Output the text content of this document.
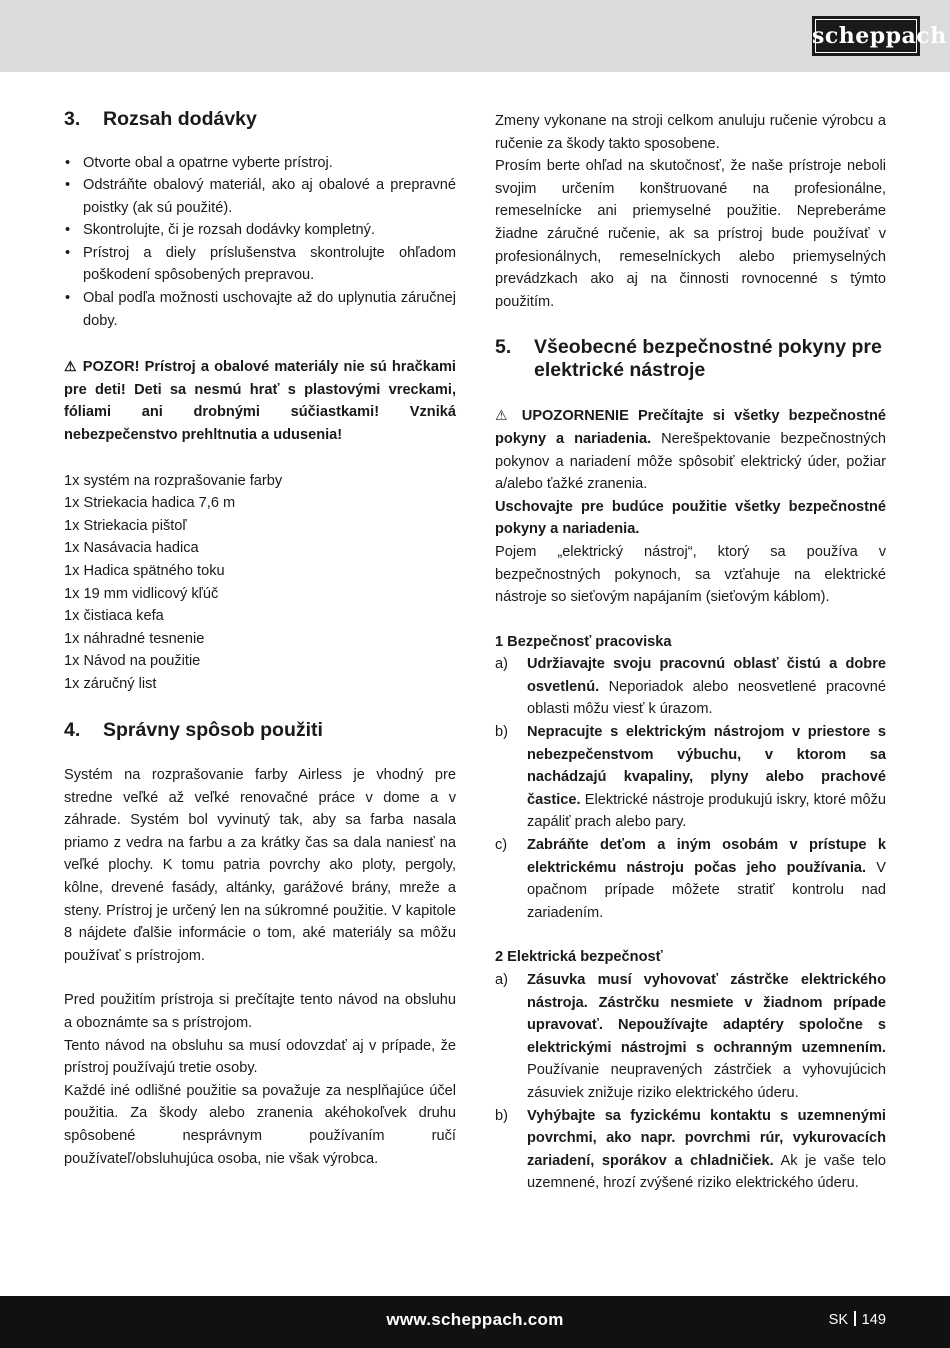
scheppach
3.	Rozsah dodávky
• Otvorte obal a opatrne vyberte prístroj.
• Odstráňte obalový materiál, ako aj obalové a prepravné poistky (ak sú použité).
• Skontrolujte, či je rozsah dodávky kompletný.
• Prístroj a diely príslušenstva skontrolujte ohľadom poškodení spôsobených prepravou.
• Obal podľa možnosti uschovajte až do uplynutia záručnej doby.

⚠ POZOR! Prístroj a obalové materiály nie sú hračkami pre deti! Deti sa nesmú hrať s plastovými vreckami, fóliami ani drobnými súčiastkami! Vzniká nebezpečenstvo prehltnutia a udusenia!

1x systém na rozprašovanie farby

1x Striekacia hadica 7,6 m

1x Striekacia pištoľ

1x Nasávacia hadica

1x Hadica spätného toku

1x 19 mm vidlicový kľúč

1x čistiaca kefa

1x náhradné tesnenie

1x Návod na použitie

1x záručný list

4.	Správny spôsob použiti

Systém na rozprašovanie farby Airless je vhodný pre stredne veľké až veľké renovačné práce v dome a v záhrade. Systém bol vyvinutý tak, aby sa farba nasala priamo z vedra na farbu a za krátky čas sa dala naniesť na veľké plochy. K tomu patria povrchy ako ploty, pergoly, kôlne, drevené fasády, altánky, garážové brány, mreže a steny. Prístroj je určený len na súkromné použitie. V kapitole 8 nájdete ďalšie informácie o tom, aké materiály sa môžu používať s prístrojom.

Pred použitím prístroja si prečítajte tento návod na obsluhu a oboznámte sa s prístrojom.

Tento návod na obsluhu sa musí odovzdať aj v prípade, že prístroj používajú tretie osoby.

Každé iné odlišné použitie sa považuje za nesplňajúce účel použitia. Za škody alebo zranenia akéhokoľvek druhu spôsobené nesprávnym používaním ručí používateľ/obsluhujúca osoba, nie však výrobca.

Zmeny vykonane na stroji celkom anuluju ručenie výrobcu a ručenie za škody takto sposobene.

Prosím berte ohľad na skutočnosť, že naše prístroje neboli svojim určením konštruované na profesionálne, remeselnícke ani priemyselné použitie. Nepreberáme žiadne záručné ručenie, ak sa prístroj bude používať v profesionálnych, remeselníckych alebo priemyselných prevádzkach ako aj na činnosti rovnocenné s týmto použitím.

5.	Všeobecné bezpečnostné pokyny pre elektrické nástroje

⚠ UPOZORNENIE Prečítajte si všetky bezpečnostné pokyny a nariadenia. Nerešpektovanie bezpečnostných pokynov a nariadení môže spôsobiť elektrický úder, požiar a/alebo ťažké zranenia.

Uschovajte pre budúce použitie všetky bezpečnostné pokyny a nariadenia.

Pojem „elektrický nástroj“, ktorý sa používa v bezpečnostných pokynoch, sa vzťahuje na elektrické nástroje so sieťovým napájaním (sieťovým káblom).

1 Bezpečnosť pracoviska

a)	Udržiavajte svoju pracovnú oblasť čistú a dobre osvetlenú. Neporiadok alebo neosvetlené pracovné oblasti môžu viesť k úrazom.
b)	Nepracujte s elektrickým nástrojom v priestore s nebezpečenstvom výbuchu, v ktorom sa nachádzajú kvapaliny, plyny alebo prachové častice. Elektrické nástroje produkujú iskry, ktoré môžu zapáliť prach alebo pary.
c)	Zabráňte deťom a iným osobám v prístupe k elektrickému nástroju počas jeho používania. V opačnom prípade môžete stratiť kontrolu nad zariadením.

2 Elektrická bezpečnosť

a)	Zásuvka musí vyhovovať zástrčke elektrického nástroja. Zástrčku nesmiete v žiadnom prípade upravovať. Nepoužívajte adaptéry spoločne s elektrickými nástrojmi s ochranným uzemnením. Používanie neupravených zástrčiek a vyhovujúcich zásuviek znižuje riziko elektrického úderu.
b)	Vyhýbajte sa fyzickému kontaktu s uzemnenými povrchmi, ako napr. povrchmi rúr, vykurovacích zariadení, sporákov a chladničiek. Ak je vaše telo uzemnené, hrozí zvýšené riziko elektrického úderu.
www.scheppach.com	SK 149
